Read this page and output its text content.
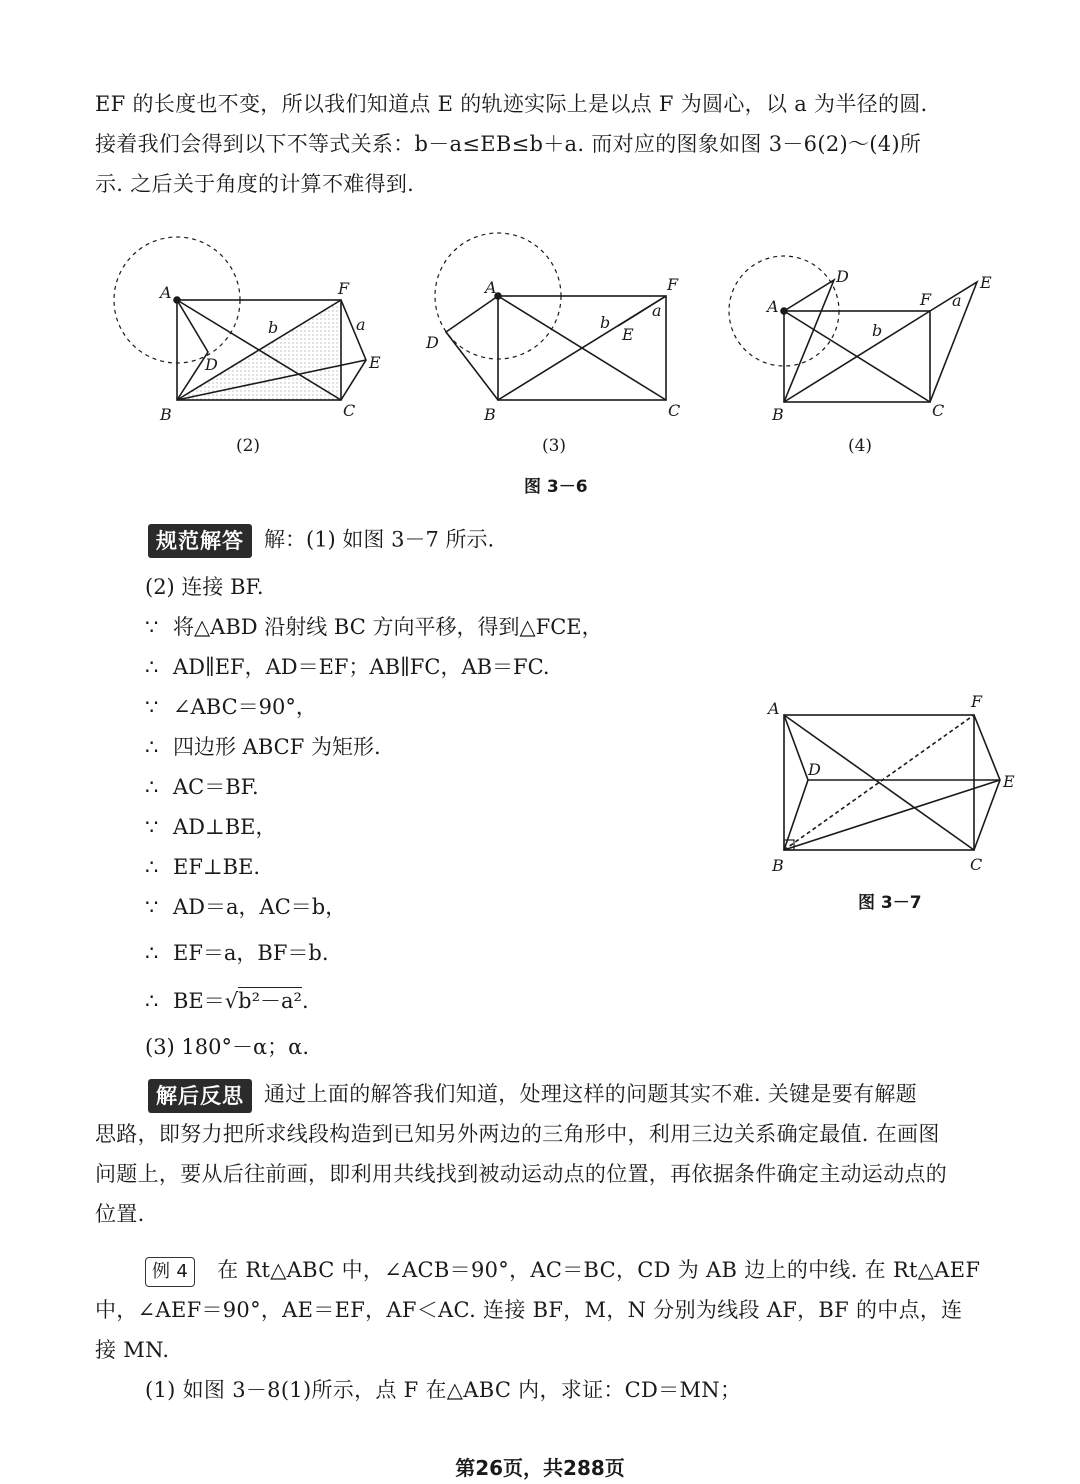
EF 的长度也不变，所以我们知道点 E 的轨迹实际上是以点 F 为圆心，以 a 为半径的圆.
接着我们会得到以下不等式关系：b－a≤EB≤b＋a. 而对应的图象如图 3－6(2)～(4)所
示. 之后关于角度的计算不难得到.
A
B	C
D	E
F
a
b
A
B	C
D	E
F
a
b
A
B	C
D	E
F a
b
(2)	(3)	(4)
图 3－6
规范解答 解：(1) 如图 3－7 所示.
(2) 连接 BF.
∵ 将△ABD 沿射线 BC 方向平移，得到△FCE，
∴ AD∥EF，AD＝EF；AB∥FC，AB＝FC.
∵ ∠ABC＝90°，
∴ 四边形 ABCF 为矩形.
∴ AC＝BF.
∵ AD⊥BE，
∴ EF⊥BE.
∵ AD＝a，AC＝b，
∴ EF＝a，BF＝b.
∴ BE＝√b²－a².
(3) 180°－α；α.
A
B	C
D
E
F
图 3－7
解后反思 通过上面的解答我们知道，处理这样的问题其实不难. 关键是要有解题
思路，即努力把所求线段构造到已知另外两边的三角形中，利用三边关系确定最值. 在画图
问题上，要从后往前画，即利用共线找到被动运动点的位置，再依据条件确定主动运动点的
位置.
例 4 在 Rt△ABC 中，∠ACB＝90°，AC＝BC，CD 为 AB 边上的中线. 在 Rt△AEF
中，∠AEF＝90°，AE＝EF，AF＜AC. 连接 BF，M，N 分别为线段 AF，BF 的中点，连
接 MN.
(1) 如图 3－8(1)所示，点 F 在△ABC 内，求证：CD＝MN；
第26页，共288页
